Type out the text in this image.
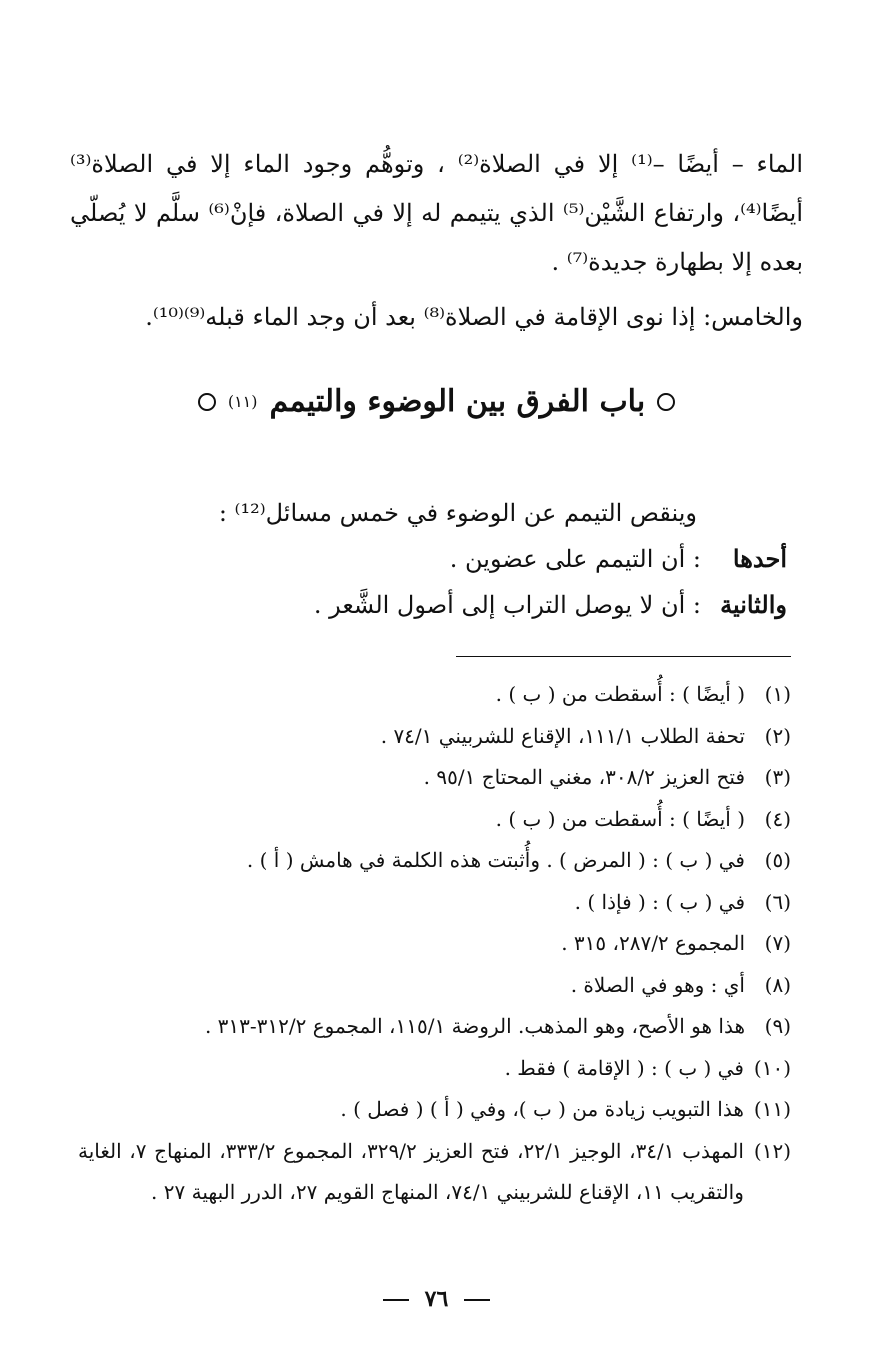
الماء – أيضًا –⁽¹⁾ إلا في الصلاة⁽²⁾ ، وتوهُّم وجود الماء إلا في الصلاة⁽³⁾ أيضًا⁽⁴⁾، وارتفاع الشَّيْن⁽⁵⁾ الذي يتيمم له إلا في الصلاة، فإنْ⁽⁶⁾ سلَّم لا يُصلّي بعده إلا بطهارة جديدة⁽⁷⁾ .

والخامس: إذا نوى الإقامة في الصلاة⁽⁸⁾ بعد أن وجد الماء قبله⁽⁹⁾⁽¹⁰⁾.

باب الفرق بين الوضوء والتيمم
(١١)

وينقص التيمم عن الوضوء في خمس مسائل⁽¹²⁾ :

أحدها
: أن التيمم على عضوين .
والثانية
: أن لا يوصل التراب إلى أصول الشَّعر .
(١)
( أيضًا ) : أُسقطت من ( ب ) .
(٢)
تحفة الطلاب ١١١/١، الإقناع للشربيني ٧٤/١ .
(٣)
فتح العزيز ٣٠٨/٢، مغني المحتاج ٩٥/١ .
(٤)
( أيضًا ) : أُسقطت من ( ب ) .
(٥)
في ( ب ) : ( المرض ) . وأُثبتت هذه الكلمة في هامش ( أ ) .
(٦)
في ( ب ) : ( فإذا ) .
(٧)
المجموع ٢٨٧/٢، ٣١٥ .
(٨)
أي : وهو في الصلاة .
(٩)
هذا هو الأصح، وهو المذهب. الروضة ١١٥/١، المجموع ٣١٢/٢-٣١٣ .
(١٠)
في ( ب ) : ( الإقامة ) فقط .
(١١)
هذا التبويب زيادة من ( ب )، وفي ( أ ) ( فصل ) .
(١٢)
المهذب ٣٤/١، الوجيز ٢٢/١، فتح العزيز ٣٢٩/٢، المجموع ٣٣٣/٢، المنهاج ٧، الغاية والتقريب ١١، الإقناع للشربيني ٧٤/١، المنهاج القويم ٢٧، الدرر البهية ٢٧ .
٧٦
